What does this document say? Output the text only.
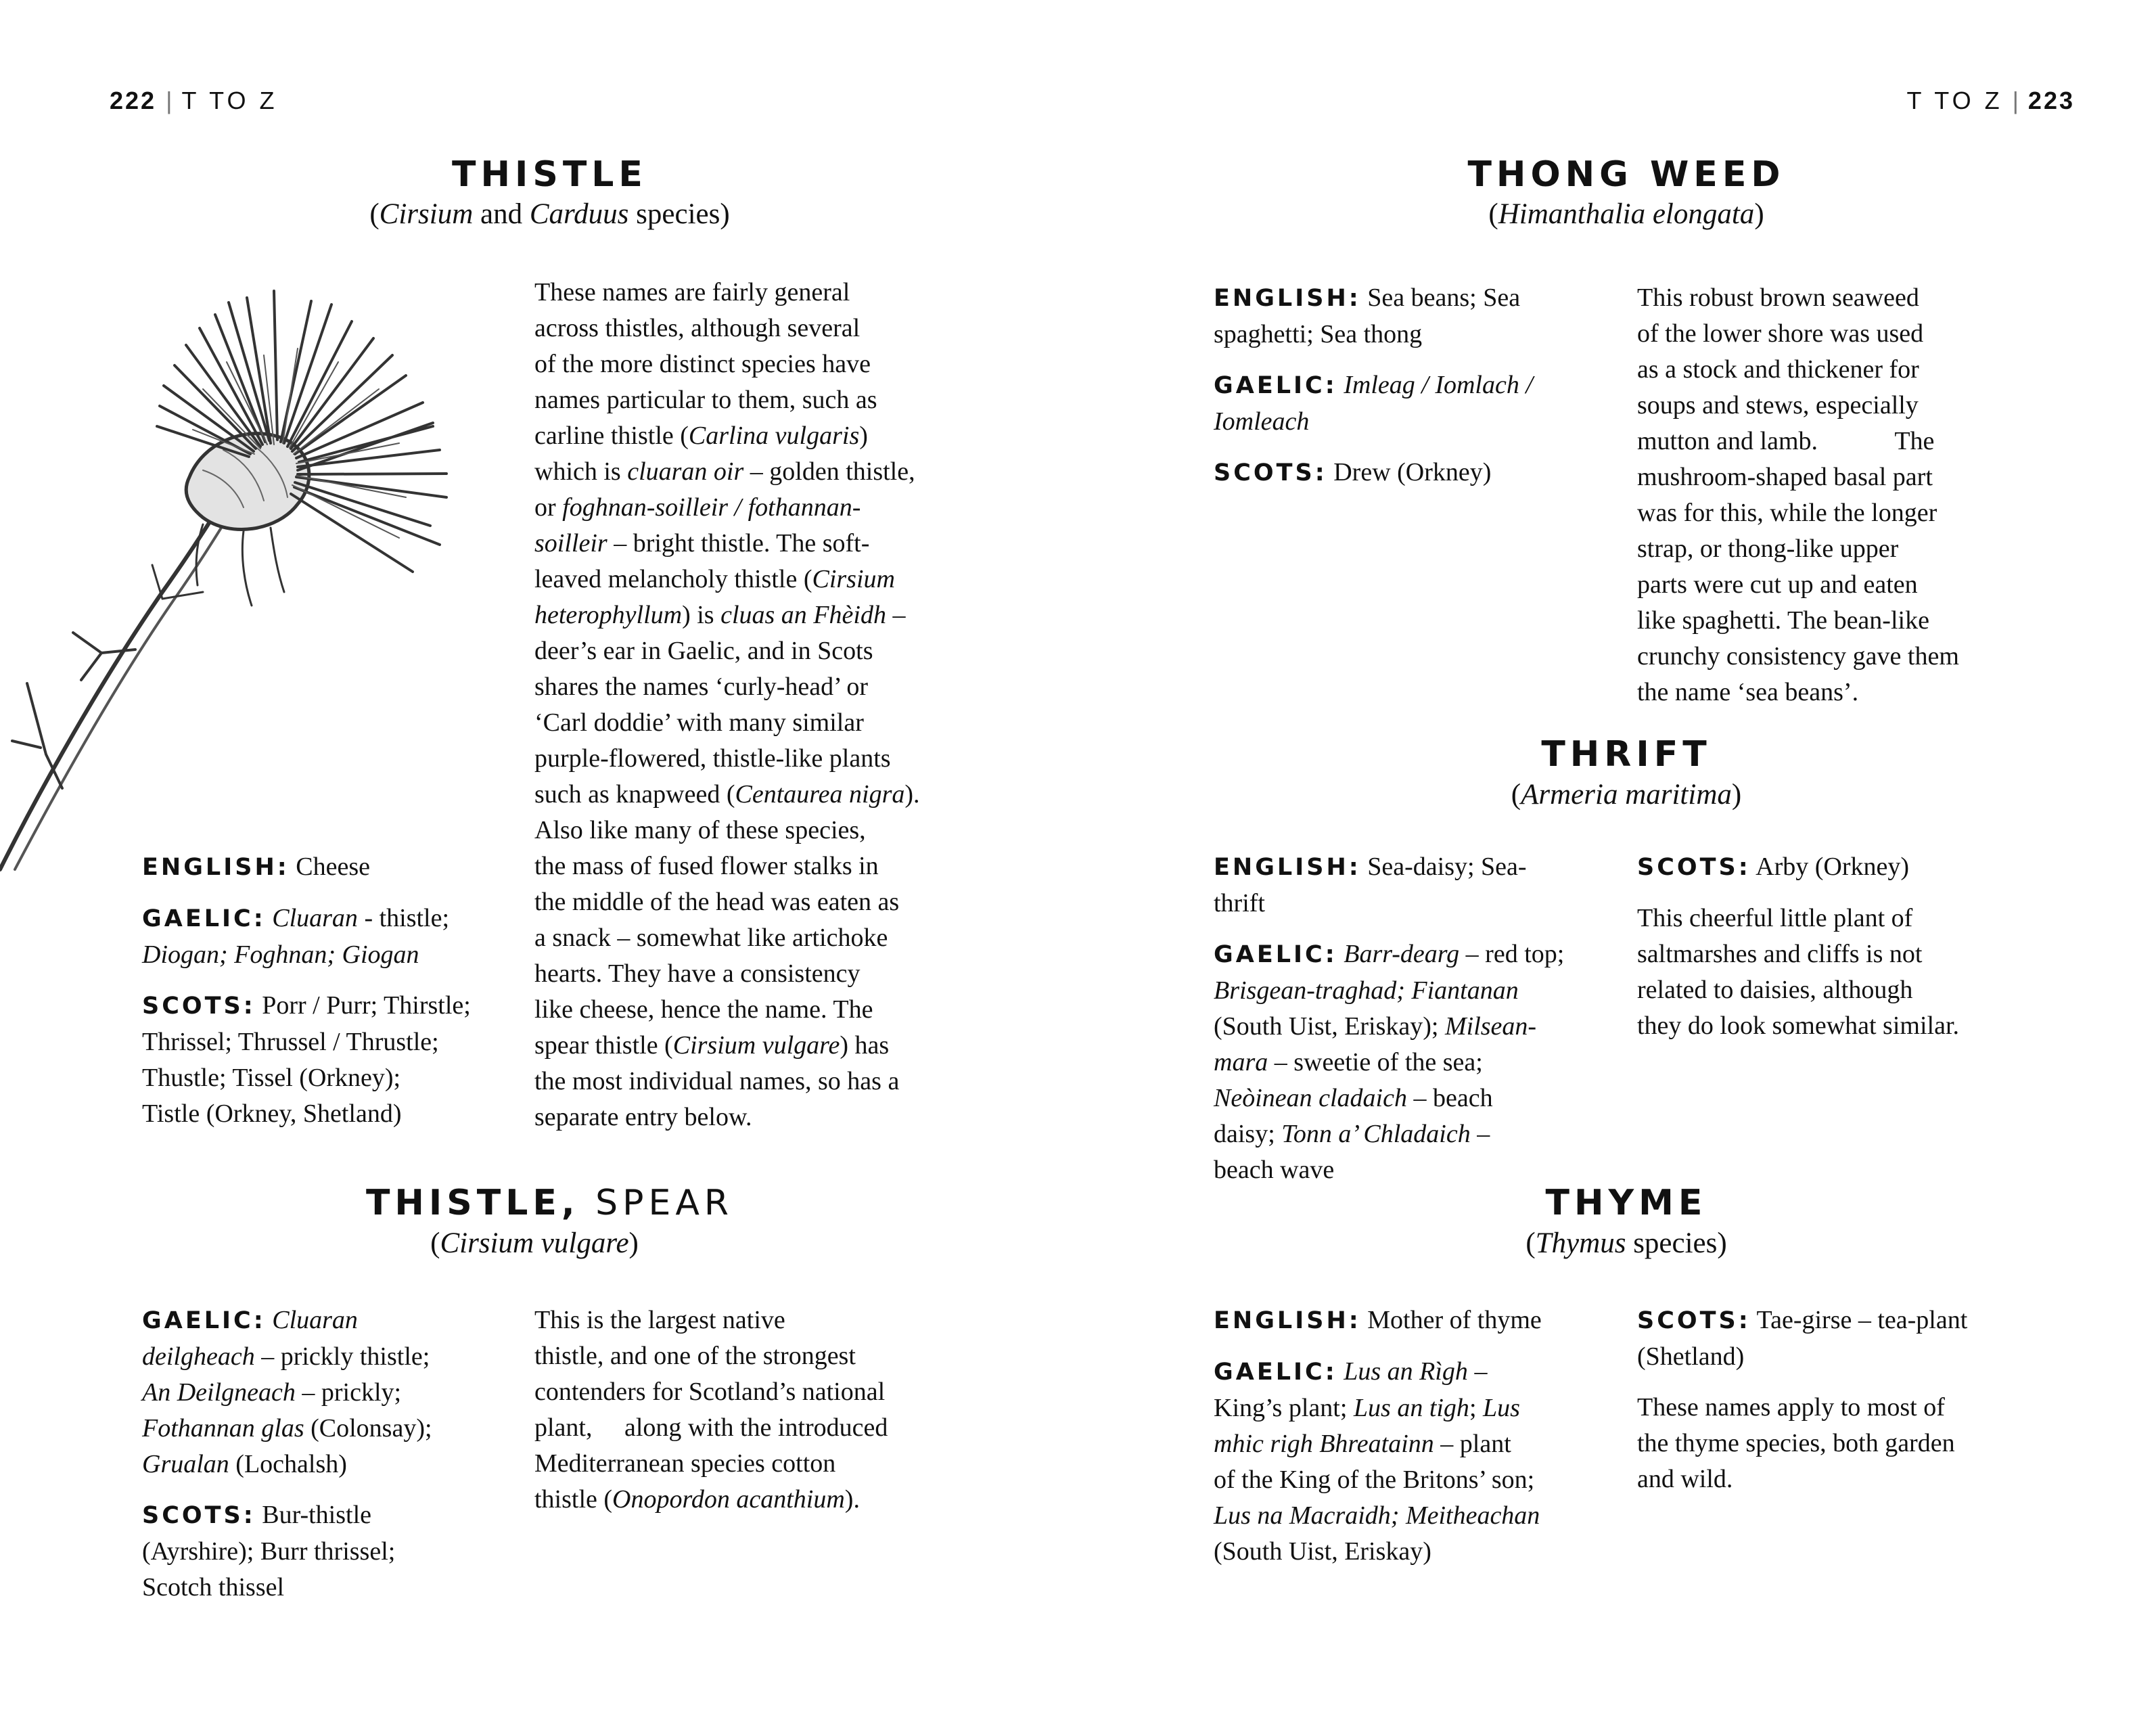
222 | T TO Z
THISTLE
(Cirsium and Carduus species)

ENGLISH: Cheese

GAELIC: Cluaran - thistle;
Diogan; Foghnan; Giogan

SCOTS: Porr / Purr; Thirstle;
Thrissel; Thrussel / Thrustle;
Thustle; Tissel (Orkney);
Tistle (Orkney, Shetland)

These names are fairly general
across thistles, although several
of the more distinct species have
names particular to them, such as
carline thistle (Carlina vulgaris)
which is cluaran oir – golden thistle,
or foghnan-soilleir / fothannan-
soilleir – bright thistle. The soft-
leaved melancholy thistle (Cirsium
heterophyllum) is cluas an Fhèidh –
deer’s ear in Gaelic, and in Scots
shares the names ‘curly-head’ or
‘Carl doddie’ with many similar
purple-flowered, thistle-like plants
such as knapweed (Centaurea nigra).
Also like many of these species,
the mass of fused flower stalks in
the middle of the head was eaten as
a snack – somewhat like artichoke
hearts. They have a consistency
like cheese, hence the name. The
spear thistle (Cirsium vulgare) has
the most individual names, so has a
separate entry below.
THISTLE, SPEAR
(Cirsium vulgare)

GAELIC: Cluaran
deilgheach – prickly thistle;
An Deilgneach – prickly;
Fothannan glas (Colonsay);
Grualan (Lochalsh)

SCOTS: Bur-thistle
(Ayrshire); Burr thrissel;
Scotch thissel

This is the largest native
thistle, and one of the strongest
contenders for Scotland’s national
plant,     along with the introduced
Mediterranean species cotton
thistle (Onopordon acanthium).
T TO Z | 223
THONG WEED
(Himanthalia elongata)

ENGLISH: Sea beans; Sea
spaghetti; Sea thong

GAELIC: Imleag / Iomlach /
Iomleach

SCOTS: Drew (Orkney)

This robust brown seaweed
of the lower shore was used
as a stock and thickener for
soups and stews, especially
mutton and lamb.            The
mushroom-shaped basal part
was for this, while the longer
strap, or thong-like upper
parts were cut up and eaten
like spaghetti. The bean-like
crunchy consistency gave them
the name ‘sea beans’.
THRIFT
(Armeria maritima)

ENGLISH: Sea-daisy; Sea-
thrift

GAELIC: Barr-dearg – red top;
Brisgean-traghad; Fiantanan
(South Uist, Eriskay); Milsean-
mara – sweetie of the sea;
Neòinean cladaich – beach
daisy; Tonn a’ Chladaich –
beach wave

SCOTS: Arby (Orkney)

This cheerful little plant of
saltmarshes and cliffs is not
related to daisies, although
they do look somewhat similar.

THYME
(Thymus species)

ENGLISH: Mother of thyme

GAELIC: Lus an Rìgh –
King’s plant; Lus an tigh; Lus
mhic righ Bhreatainn – plant
of the King of the Britons’ son;
Lus na Macraidh; Meitheachan
(South Uist, Eriskay)

SCOTS: Tae-girse – tea-plant
(Shetland)

These names apply to most of
the thyme species, both garden
and wild.
